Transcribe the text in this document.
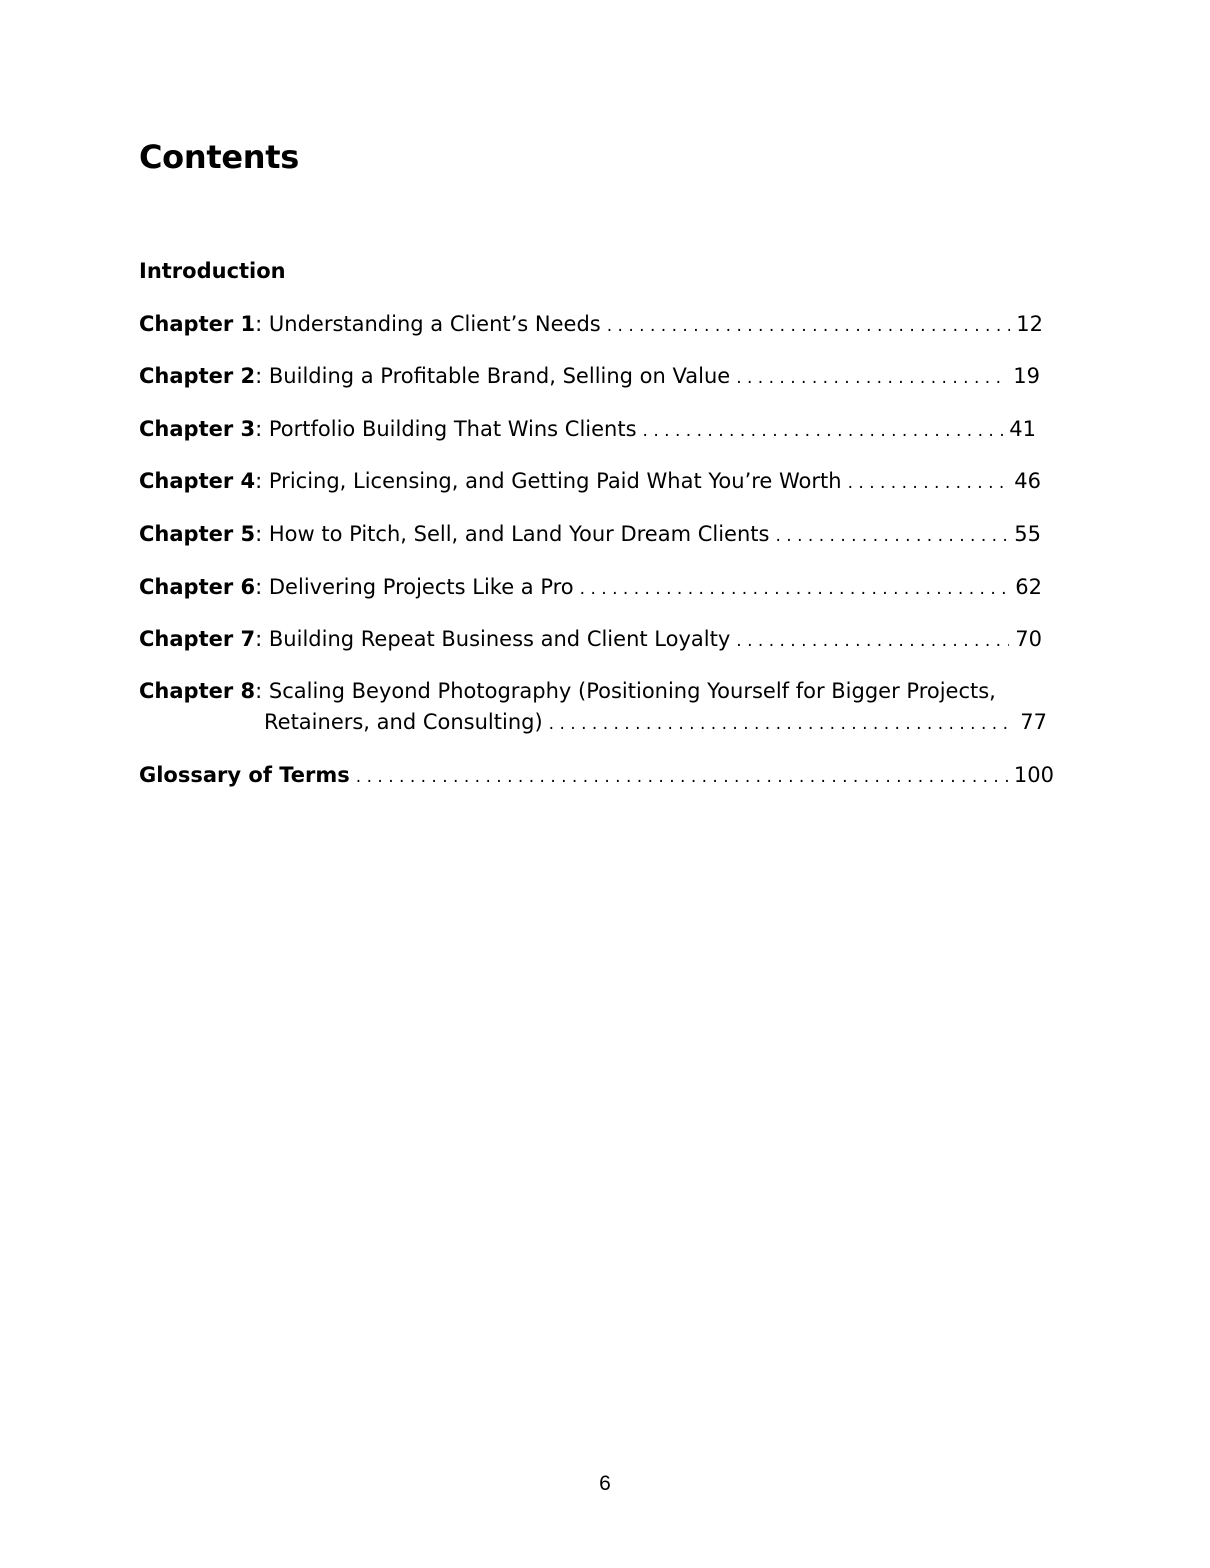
Contents
Introduction
Chapter 1: Understanding a Client’s Needs . . .	12
Chapter 2: Building a Profitable Brand, Selling on Value . . .	19
Chapter 3: Portfolio Building That Wins Clients . . .	41
Chapter 4: Pricing, Licensing, and Getting Paid What You’re Worth . . .	46
Chapter 5: How to Pitch, Sell, and Land Your Dream Clients . . .	55
Chapter 6: Delivering Projects Like a Pro . . .	62
Chapter 7: Building Repeat Business and Client Loyalty . . .	70
Chapter 8: Scaling Beyond Photography (Positioning Yourself for Bigger Projects,
Retainers, and Consulting) . . .	77
Glossary of Terms . . .	100
6
